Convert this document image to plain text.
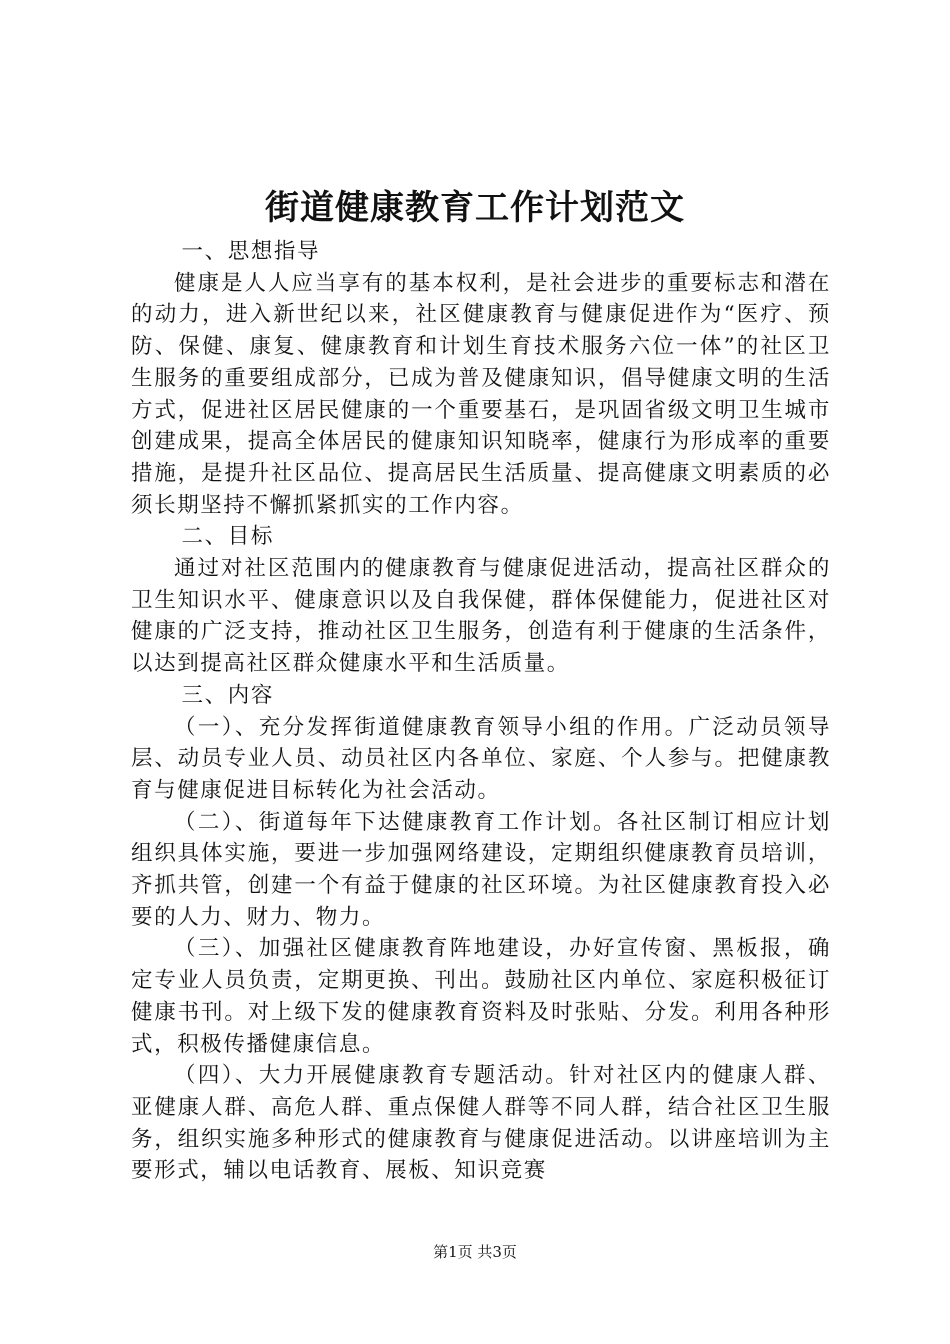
街道健康教育工作计划范文

一、思想指导

健康是人人应当享有的基本权利，是社会进步的重要标志和潜在的动力，进入新世纪以来，社区健康教育与健康促进作为“医疗、预防、保健、康复、健康教育和计划生育技术服务六位一体”的社区卫生服务的重要组成部分，已成为普及健康知识，倡导健康文明的生活方式，促进社区居民健康的一个重要基石，是巩固省级文明卫生城市创建成果，提高全体居民的健康知识知晓率，健康行为形成率的重要措施，是提升社区品位、提高居民生活质量、提高健康文明素质的必须长期坚持不懈抓紧抓实的工作内容。

二、目标

通过对社区范围内的健康教育与健康促进活动，提高社区群众的卫生知识水平、健康意识以及自我保健，群体保健能力，促进社区对健康的广泛支持，推动社区卫生服务，创造有利于健康的生活条件，以达到提高社区群众健康水平和生活质量。

三、内容

（一）、充分发挥街道健康教育领导小组的作用。广泛动员领导层、动员专业人员、动员社区内各单位、家庭、个人参与。把健康教育与健康促进目标转化为社会活动。

（二）、街道每年下达健康教育工作计划。各社区制订相应计划组织具体实施，要进一步加强网络建设，定期组织健康教育员培训，齐抓共管，创建一个有益于健康的社区环境。为社区健康教育投入必要的人力、财力、物力。

（三）、加强社区健康教育阵地建设，办好宣传窗、黑板报，确定专业人员负责，定期更换、刊出。鼓励社区内单位、家庭积极征订健康书刊。对上级下发的健康教育资料及时张贴、分发。利用各种形式，积极传播健康信息。

（四）、大力开展健康教育专题活动。针对社区内的健康人群、亚健康人群、高危人群、重点保健人群等不同人群，结合社区卫生服务，组织实施多种形式的健康教育与健康促进活动。以讲座培训为主要形式，辅以电话教育、展板、知识竞赛

第1页 共3页
